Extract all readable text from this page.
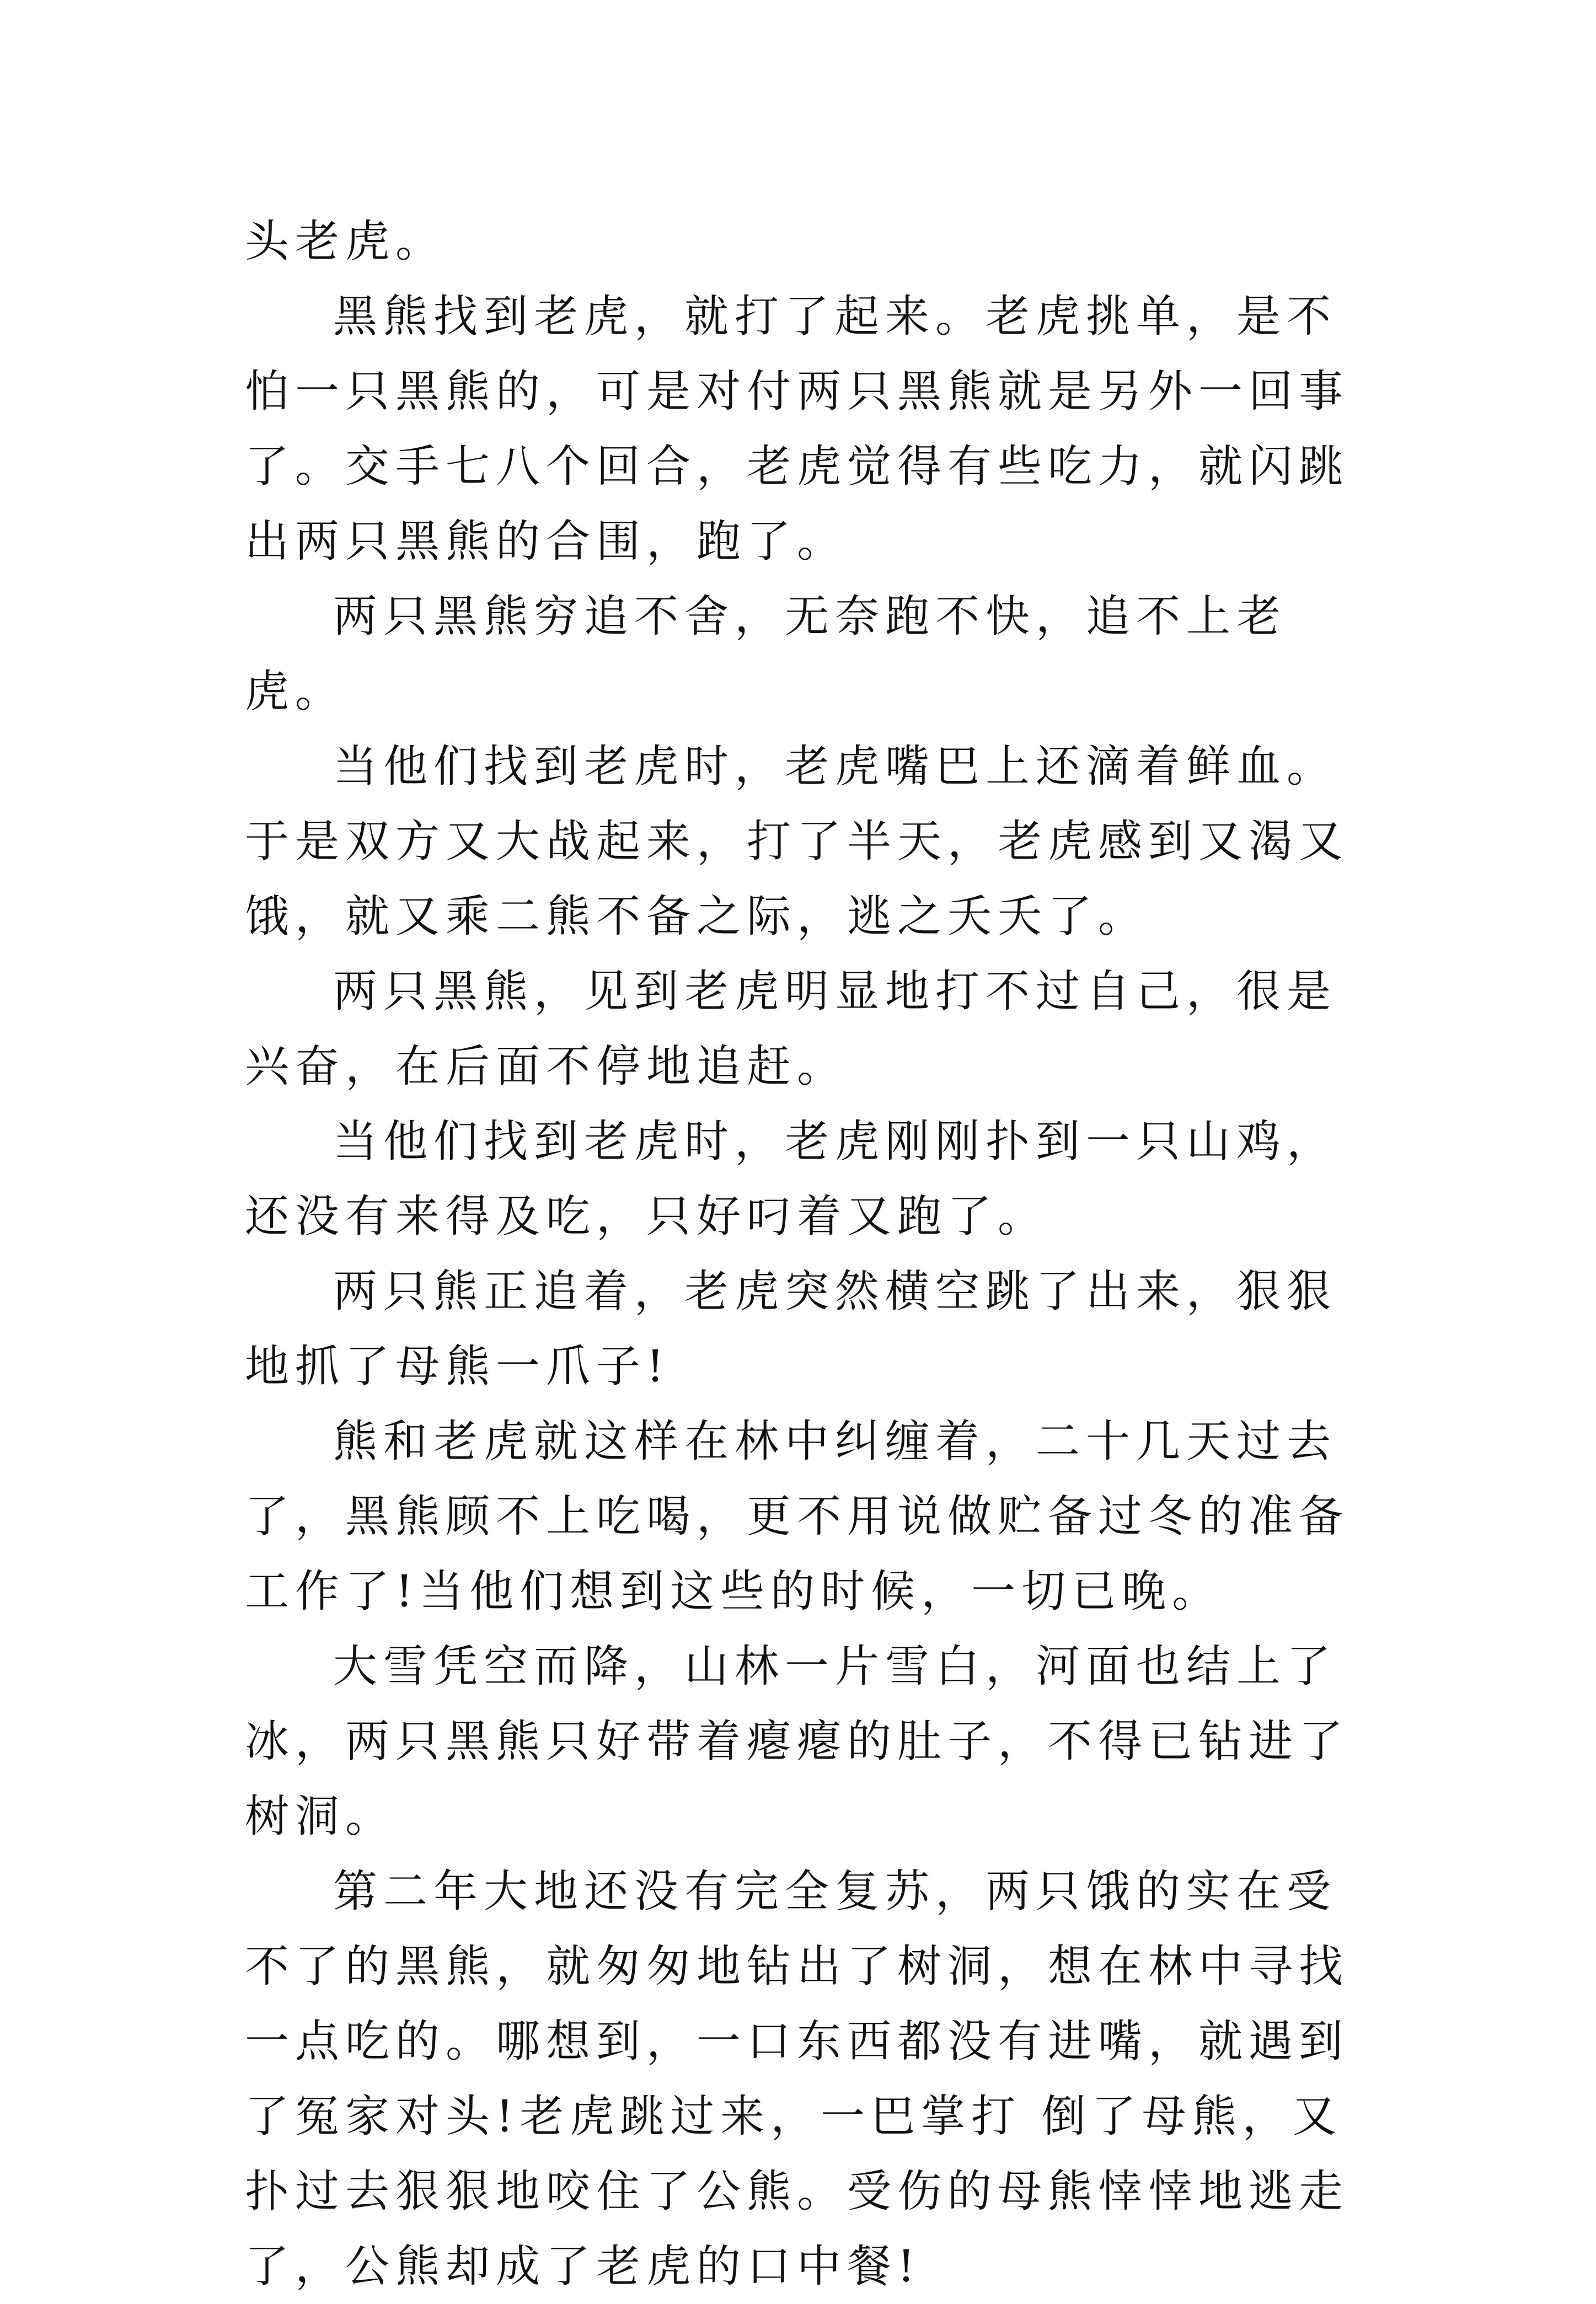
头老虎。

黑熊找到老虎，就打了起来。老虎挑单，是不怕一只黑熊的，可是对付两只黑熊就是另外一回事了。交手七八个回合，老虎觉得有些吃力，就闪跳出两只黑熊的合围，跑了。

两只黑熊穷追不舍，无奈跑不快，追不上老虎。

当他们找到老虎时，老虎嘴巴上还滴着鲜血。于是双方又大战起来，打了半天，老虎感到又渴又饿，就又乘二熊不备之际，逃之夭夭了。

两只黑熊，见到老虎明显地打不过自己，很是兴奋，在后面不停地追赶。

当他们找到老虎时，老虎刚刚扑到一只山鸡，还没有来得及吃，只好叼着又跑了。

两只熊正追着，老虎突然横空跳了出来，狠狠地抓了母熊一爪子!

熊和老虎就这样在林中纠缠着，二十几天过去了，黑熊顾不上吃喝，更不用说做贮备过冬的准备工作了!当他们想到这些的时候，一切已晚。

大雪凭空而降，山林一片雪白，河面也结上了冰，两只黑熊只好带着瘪瘪的肚子，不得已钻进了树洞。

第二年大地还没有完全复苏，两只饿的实在受不了的黑熊，就匆匆地钻出了树洞，想在林中寻找一点吃的。哪想到，一口东西都没有进嘴，就遇到了冤家对头!老虎跳过来，一巴掌打 倒了母熊，又扑过去狠狠地咬住了公熊。受伤的母熊悻悻地逃走了，公熊却成了老虎的口中餐!
